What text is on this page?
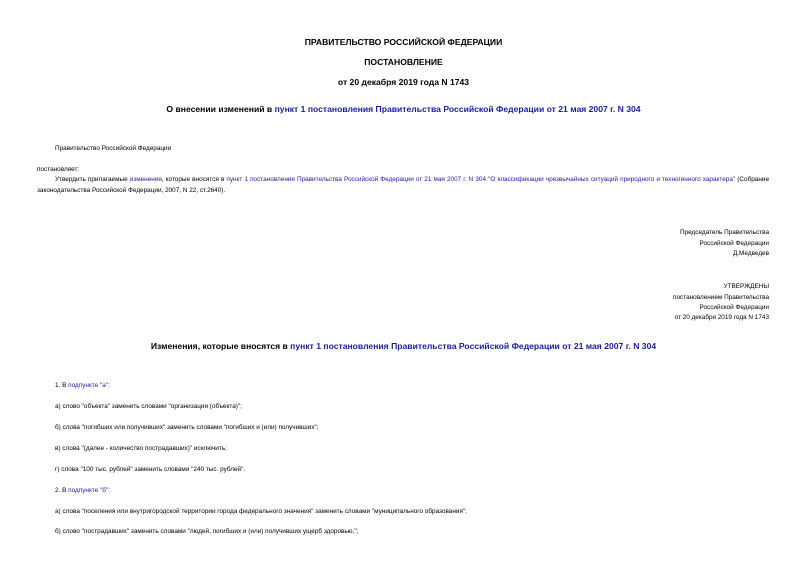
ПРАВИТЕЛЬСТВО РОССИЙСКОЙ ФЕДЕРАЦИИ
ПОСТАНОВЛЕНИЕ
от 20 декабря 2019 года N 1743
О внесении изменений в пункт 1 постановления Правительства Российской Федерации от 21 мая 2007 г. N 304
Правительство Российской Федерации
постановляет:
Утвердить прилагаемые изменения, которые вносятся в пункт 1 постановления Правительства Российской Федерации от 21 мая 2007 г. N 304 "О классификации чрезвычайных ситуаций природного и техногенного характера" (Собрание законодательства Российской Федерации, 2007, N 22, ст.2640).
Председатель Правительства
Российской Федерации
Д.Медведев
УТВЕРЖДЕНЫ
постановлением Правительства
Российской Федерации
от 20 декабря 2019 года N 1743
Изменения, которые вносятся в пункт 1 постановления Правительства Российской Федерации от 21 мая 2007 г. N 304
1. В подпункте "а":
а) слово "объекта" заменить словами "организации (объекта)";
б) слова "погибших или получивших" заменить словами "погибших и (или) получивших";
в) слова "(далее - количество пострадавших)" исключить;
г) слова "100 тыс. рублей" заменить словами "240 тыс. рублей".
2. В подпункте "б":
а) слова "поселения или внутригородской территории города федерального значения" заменить словами "муниципального образования";
б) слово "пострадавших" заменить словами "людей, погибших и (или) получивших ущерб здоровью,";
